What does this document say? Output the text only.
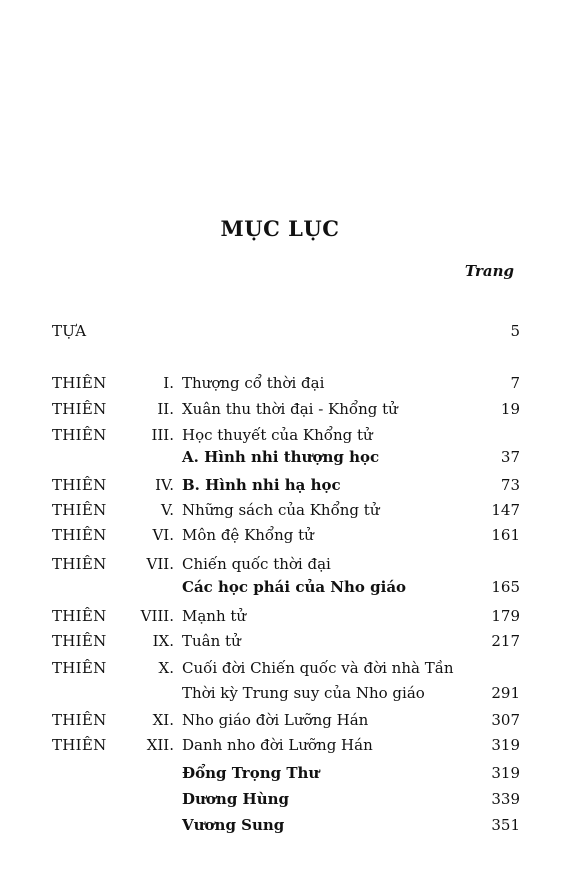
MỤC LỤC
Trang
TỰA	5
THIÊN	I. Thượng cổ thời đại	7
THIÊN	II. Xuân thu thời đại - Khổng tử	19
THIÊN	III. Học thuyết của Khổng tử
A. Hình nhi thượng học	37
THIÊN	IV. B. Hình nhi hạ học	73
THIÊN	V. Những sách của Khổng tử	147
THIÊN	VI. Môn đệ Khổng tử	161
THIÊN	VII. Chiến quốc thời đại
Các học phái của Nho giáo	165
THIÊN	VIII. Mạnh tử	179
THIÊN	IX. Tuân tử	217
THIÊN	X. Cuối đời Chiến quốc và đời nhà Tần
Thời kỳ Trung suy của Nho giáo	291
THIÊN	XI. Nho giáo đời Lưỡng Hán	307
THIÊN	XII. Danh nho đời Lưỡng Hán	319
Đổng Trọng Thư	319
Dương Hùng	339
Vương Sung	351
